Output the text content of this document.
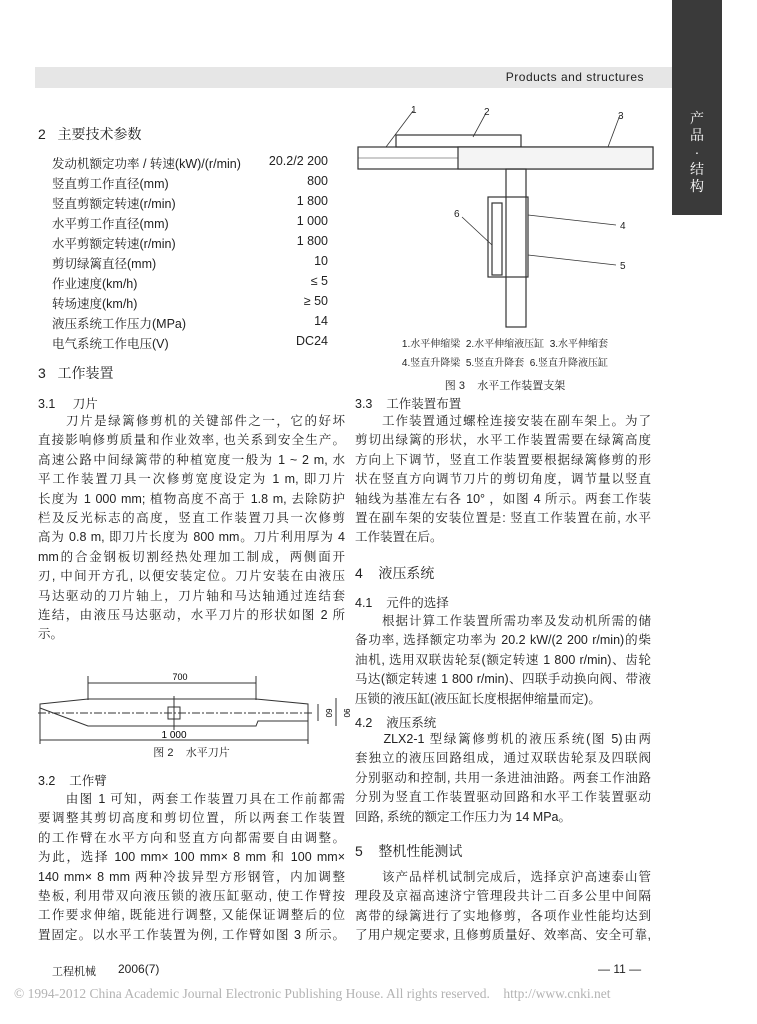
Products and structures
产品·结构
2   主要技术参数
发动机额定功率 / 转速(kW)/(r/min)	20.2/2 200
竖直剪工作直径(mm)	800
竖直剪额定转速(r/min)	1 800
水平剪工作直径(mm)	1 000
水平剪额定转速(r/min)	1 800
剪切绿篱直径(mm)	10
作业速度(km/h)	≤ 5
转场速度(km/h)	≥ 50
液压系统工作压力(MPa)	14
电气系统工作电压(V)	DC24
3   工作装置
3.1     刀片
　　刀片是绿篱修剪机的关键部件之一，它的好坏
直接影响修剪质量和作业效率, 也关系到安全生产。
高速公路中间绿篱带的种植宽度一般为 1 ~ 2 m, 水
平工作装置刀具一次修剪宽度设定为 1 m, 即刀片
长度为 1 000 mm; 植物高度不高于 1.8 m, 去除防护
栏及反光标志的高度，竖直工作装置刀具一次修剪
高为 0.8 m, 即刀片长度为 800 mm。刀片利用厚为 4
mm的合金钢板切割经热处理加工制成，两侧面开
刃, 中间开方孔, 以便安装定位。刀片安装在由液压
马达驱动的刀片轴上，刀片轴和马达轴通过连结套
连结，由液压马达驱动，水平刀片的形状如图 2 所
示。
700
1 000
60 90
图 2    水平刀片
3.2    工作臂
　　由图 1 可知，两套工作装置刀具在工作前都需
要调整其剪切高度和剪切位置，所以两套工作装置
的工作臂在水平方向和竖直方向都需要自由调整。
为此，选择 100 mm× 100 mm× 8 mm 和 100 mm×
140 mm× 8 mm 两种冷拔异型方形钢管，内加调整
垫板, 利用带双向液压锁的液压缸驱动, 使工作臂按
工作要求伸缩, 既能进行调整, 又能保证调整后的位
置固定。以水平工作装置为例, 工作臂如图 3 所示。
1	2	3
4
5
6
1.水平伸缩梁  2.水平伸缩液压缸  3.水平伸缩套
4.竖直升降梁  5.竖直升降套  6.竖直升降液压缸
图 3    水平工作装置支架
3.3    工作装置布置
　　工作装置通过螺栓连接安装在副车架上。为了
剪切出绿篱的形状，水平工作装置需要在绿篱高度
方向上下调节，竖直工作装置要根据绿篱修剪的形
状在竖直方向调节刀片的剪切角度，调节量以竖直
轴线为基准左右各 10° ，如图 4 所示。两套工作装
置在副车架的安装位置是: 竖直工作装置在前, 水平
工作装置在后。
4    液压系统
4.1    元件的选择
　　根据计算工作装置所需功率及发动机所需的储
备功率, 选择额定功率为 20.2 kW/(2 200 r/min)的柴
油机, 选用双联齿轮泵(额定转速 1 800 r/min)、齿轮
马达(额定转速 1 800 r/min)、四联手动换向阀、带液
压锁的液压缸(液压缸长度根据伸缩量而定)。
4.2    液压系统
　　ZLX2-1 型绿篱修剪机的液压系统(图 5)由两
套独立的液压回路组成，通过双联齿轮泵及四联阀
分别驱动和控制, 共用一条进油油路。两套工作油路
分别为竖直工作装置驱动回路和水平工作装置驱动
回路, 系统的额定工作压力为 14 MPa。
5    整机性能测试
　　该产品样机试制完成后，选择京沪高速泰山管
理段及京福高速济宁管理段共计二百多公里中间隔
离带的绿篱进行了实地修剪，各项作业性能均达到
了用户规定要求, 且修剪质量好、效率高、安全可靠,
工程机械 2006(7)	— 11 —
© 1994-2012 China Academic Journal Electronic Publishing House. All rights reserved.    http://www.cnki.net
